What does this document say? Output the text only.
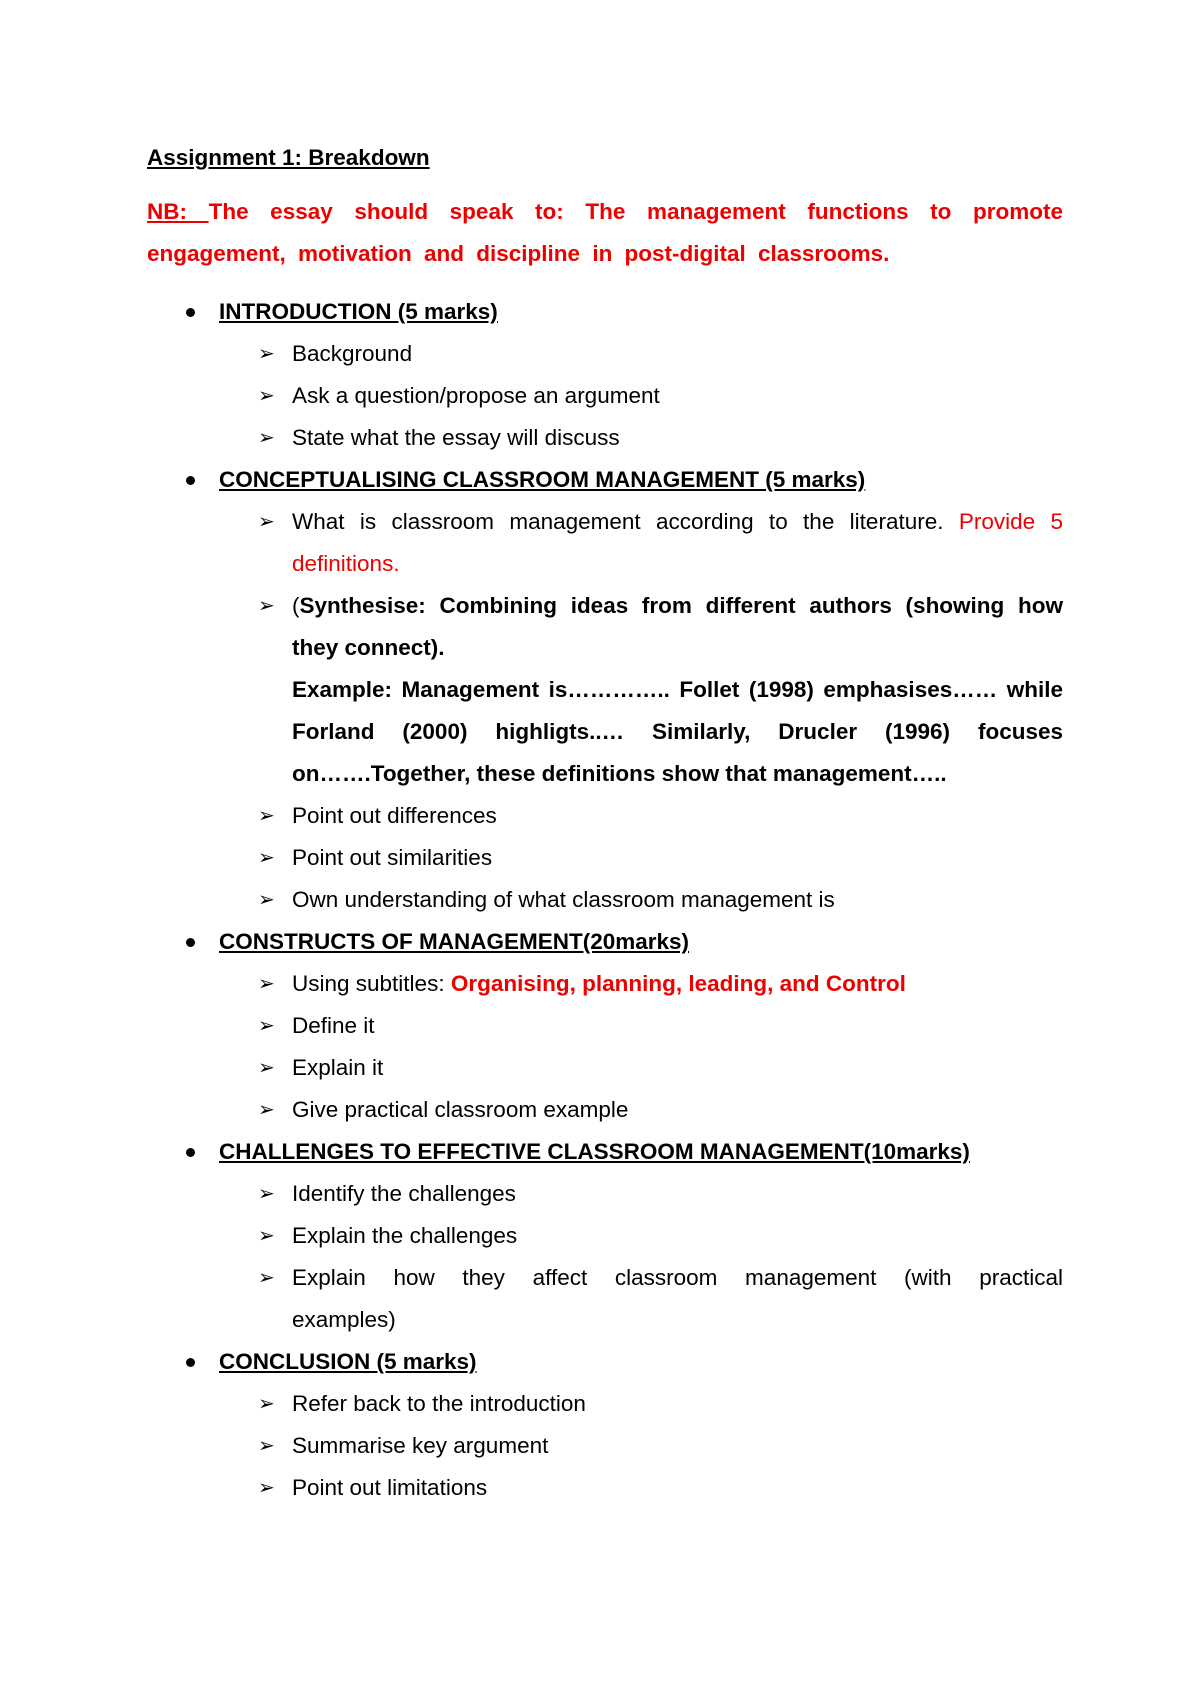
Assignment 1: Breakdown
NB: The essay should speak to: The management functions to promote engagement, motivation and discipline in post-digital classrooms.
INTRODUCTION (5 marks)
➢ Background
➢ Ask a question/propose an argument
➢ State what the essay will discuss
CONCEPTUALISING CLASSROOM MANAGEMENT (5 marks)
➢ What is classroom management according to the literature. Provide 5 definitions.
➢ (Synthesise: Combining ideas from different authors (showing how they connect).
Example: Management is………….. Follet (1998) emphasises…… while Forland (2000) highligts..… Similarly, Drucler (1996) focuses on…….Together, these definitions show that management…..
➢ Point out differences
➢ Point out similarities
➢ Own understanding of what classroom management is
CONSTRUCTS OF MANAGEMENT(20marks)
➢ Using subtitles: Organising, planning, leading, and Control
➢ Define it
➢ Explain it
➢ Give practical classroom example
CHALLENGES TO EFFECTIVE CLASSROOM MANAGEMENT(10marks)
➢ Identify the challenges
➢ Explain the challenges
➢ Explain how they affect classroom management (with practical examples)
CONCLUSION (5 marks)
➢ Refer back to the introduction
➢ Summarise key argument
➢ Point out limitations
